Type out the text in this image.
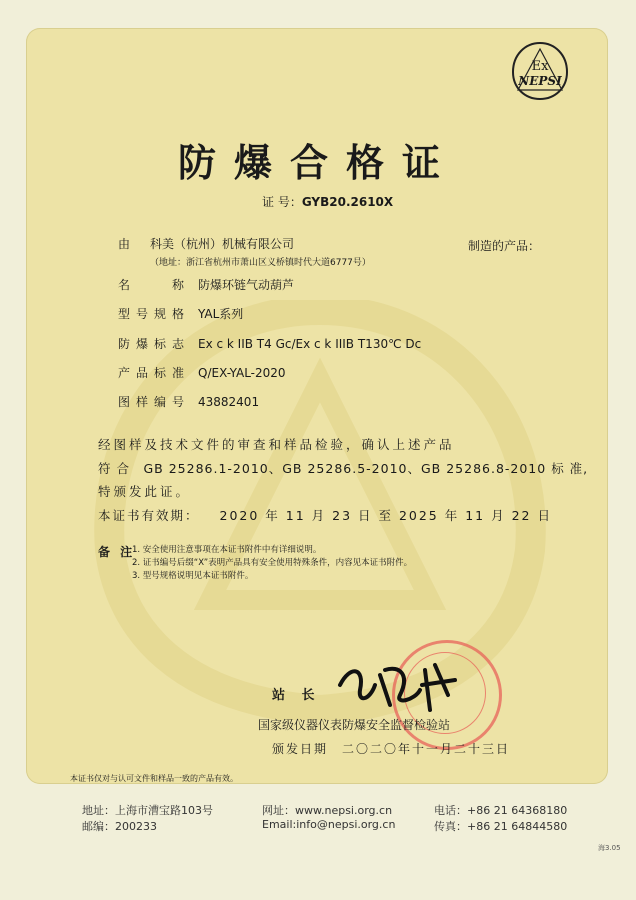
Ex
NEPSI
防爆合格证
证 号：GYB20.2610X
由 科美（杭州）机械有限公司
（地址：浙江省杭州市萧山区义桥镇时代大道6777号）
制造的产品：
名　　称 防爆环链气动葫芦
型号规格 YAL系列
防爆标志 Ex c k IIB T4 Gc/Ex c k IIIB T130℃ Dc
产品标准 Q/EX-YAL-2020
图样编号 43882401
经图样及技术文件的审查和样品检验，确认上述产品
符 合　GB 25286.1-2010、GB 25286.5-2010、GB 25286.8-2010 标 准,
特颁发此证。
本证书有效期： 2020 年 11 月 23 日 至 2025 年 11 月 22 日
备 注
1. 安全使用注意事项在本证书附件中有详细说明。
2. 证书编号后缀“X”表明产品具有安全使用特殊条件，内容见本证书附件。
3. 型号规格说明见本证书附件。
站 长
国家级仪器仪表防爆安全监督检验站
颁发日期　 二〇二〇年十一月二十三日
本证书仅对与认可文件和样品一致的产品有效。
地址：上海市漕宝路103号
邮编：200233
网址：www.nepsi.org.cn
Email:info@nepsi.org.cn
电话：+86 21 64368180
传真：+86 21 64844580
海3.05
